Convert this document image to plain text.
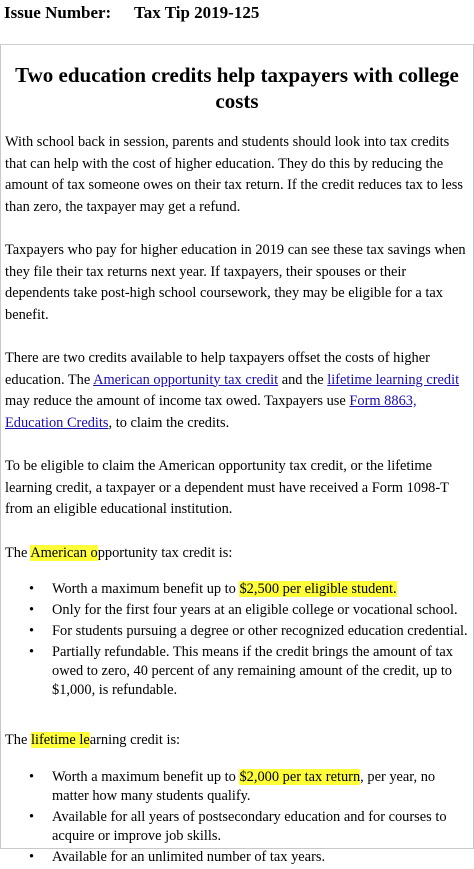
Issue Number: Tax Tip 2019-125
Two education credits help taxpayers with college costs

With school back in session, parents and students should look into tax credits that can help with the cost of higher education. They do this by reducing the amount of tax someone owes on their tax return. If the credit reduces tax to less than zero, the taxpayer may get a refund.

Taxpayers who pay for higher education in 2019 can see these tax savings when they file their tax returns next year. If taxpayers, their spouses or their dependents take post-high school coursework, they may be eligible for a tax benefit.

There are two credits available to help taxpayers offset the costs of higher education. The American opportunity tax credit and the lifetime learning credit may reduce the amount of income tax owed. Taxpayers use Form 8863, Education Credits, to claim the credits.

To be eligible to claim the American opportunity tax credit, or the lifetime learning credit, a taxpayer or a dependent must have received a Form 1098-T from an eligible educational institution.

The American opportunity tax credit is:

• Worth a maximum benefit up to $2,500 per eligible student.
• Only for the first four years at an eligible college or vocational school.
• For students pursuing a degree or other recognized education credential.
• Partially refundable. This means if the credit brings the amount of tax owed to zero, 40 percent of any remaining amount of the credit, up to $1,000, is refundable.

The lifetime learning credit is:

• Worth a maximum benefit up to $2,000 per tax return, per year, no matter how many students qualify.
• Available for all years of postsecondary education and for courses to acquire or improve job skills.
• Available for an unlimited number of tax years.
